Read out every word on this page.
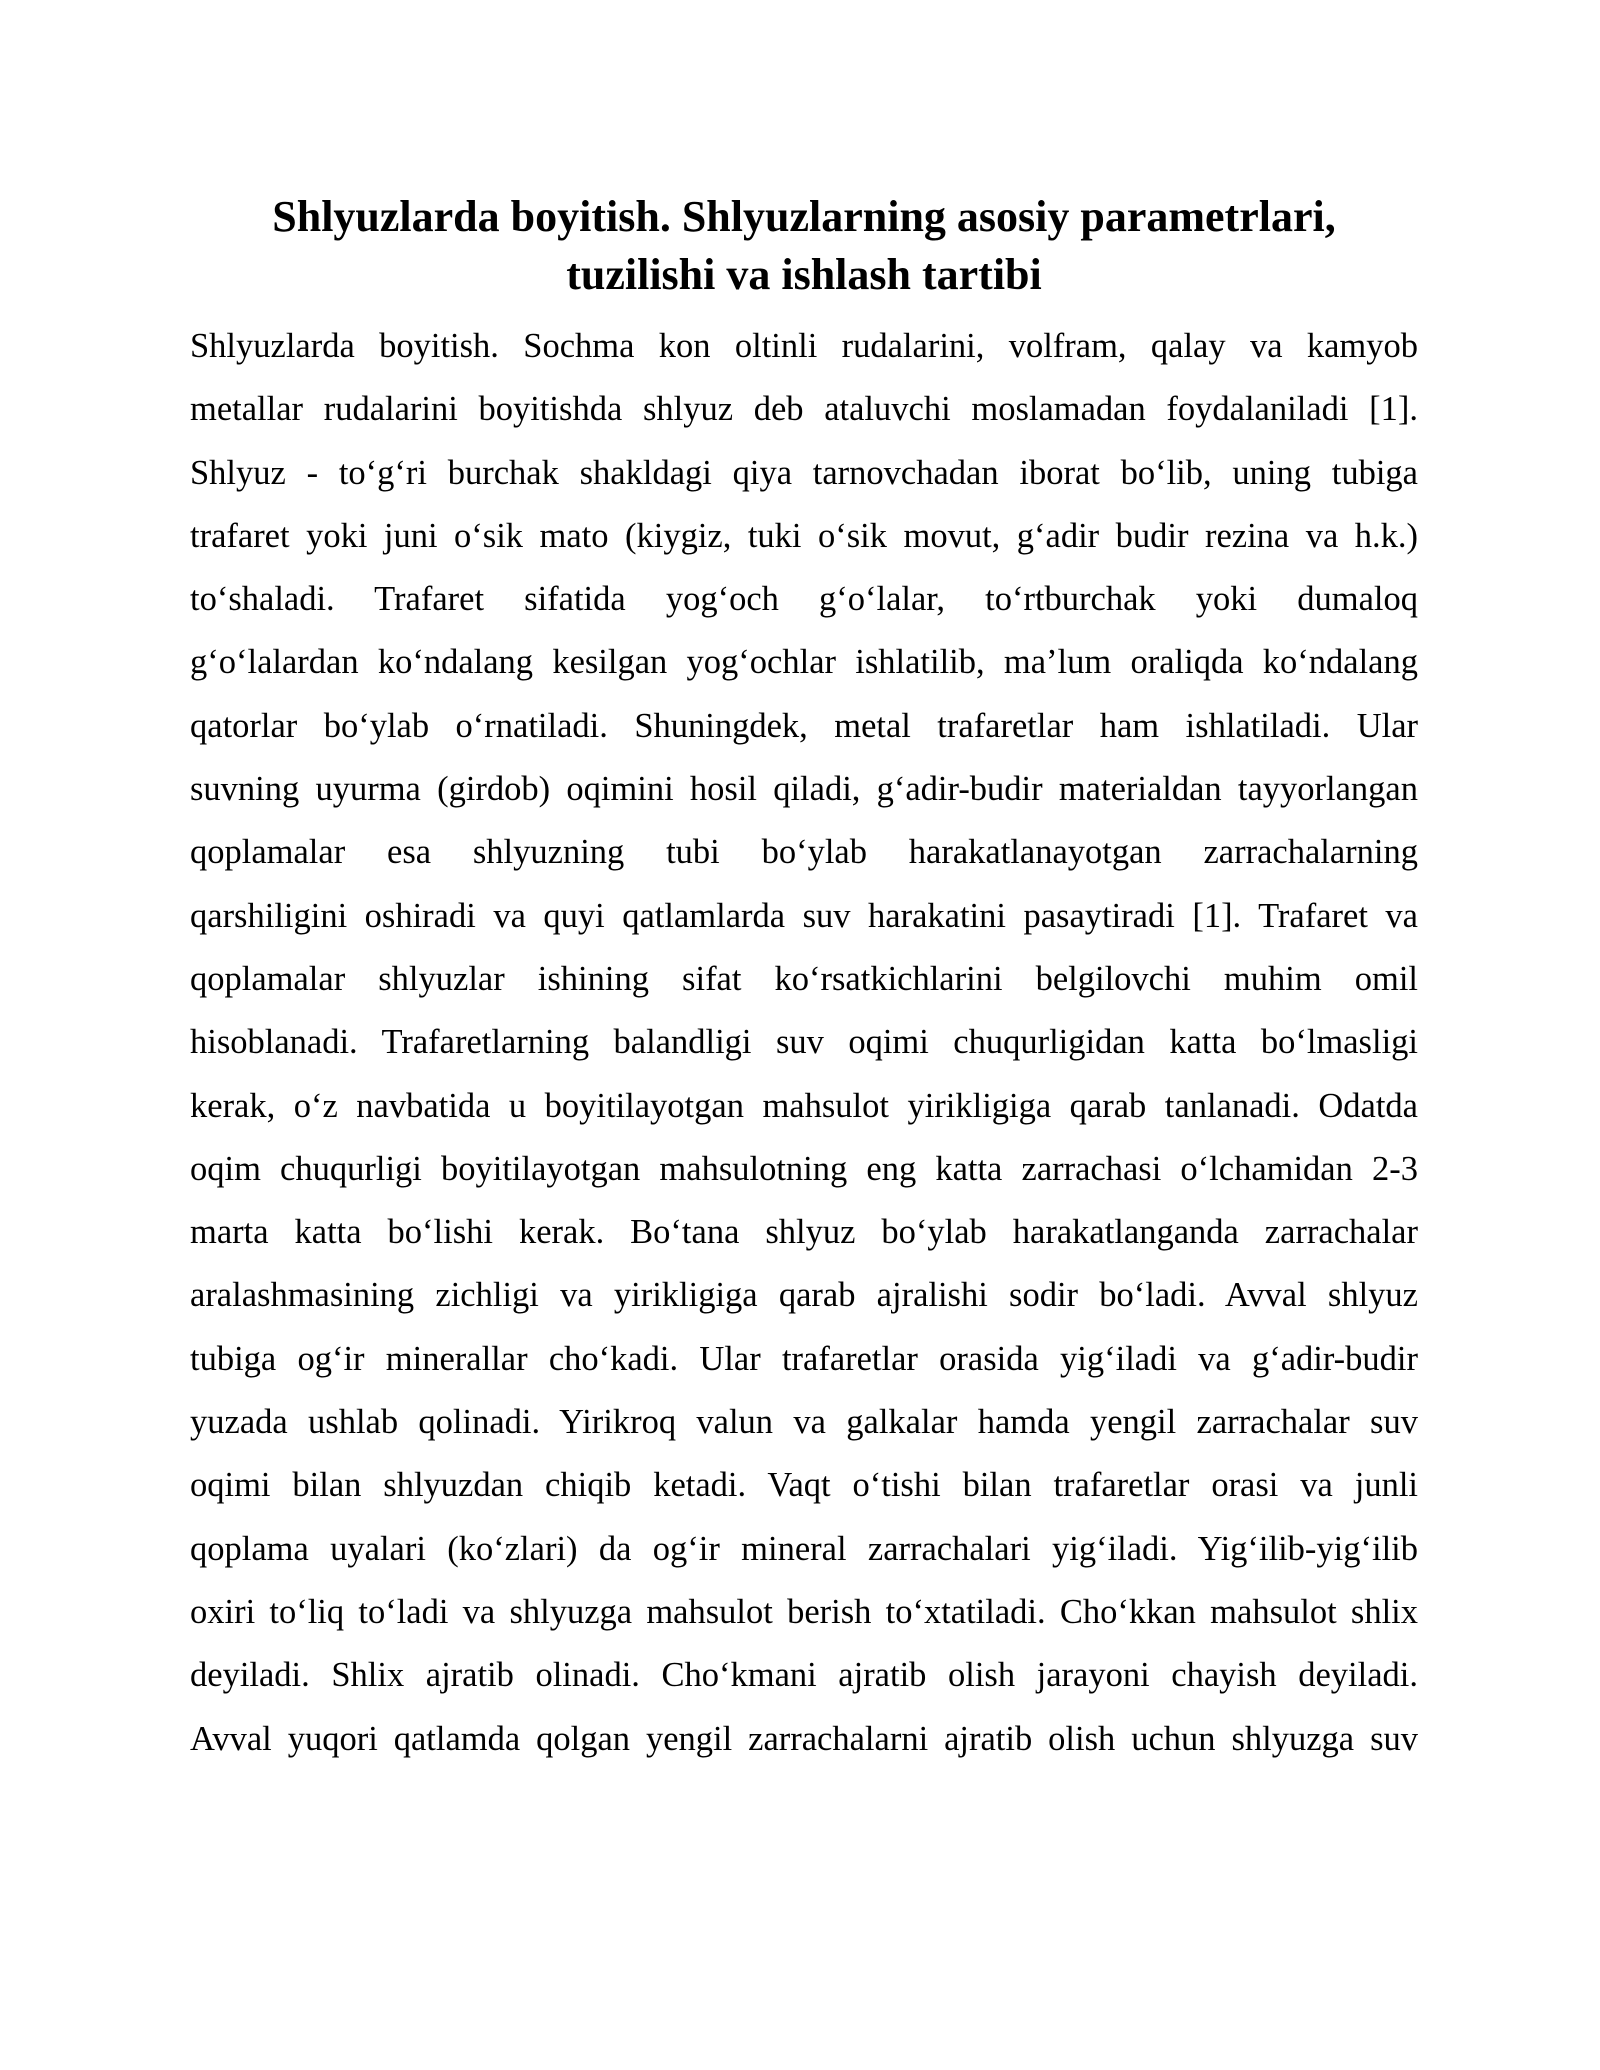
Shlyuzlarda boyitish. Shlyuzlarning asosiy parametrlari,
tuzilishi va ishlash tartibi
Shlyuzlarda boyitish. Sochma kon oltinli rudalarini, volfram, qalay va kamyob
metallar rudalarini boyitishda shlyuz deb ataluvchi moslamadan foydalaniladi [1].
Shlyuz - to‘g‘ri burchak shakldagi qiya tarnovchadan iborat bo‘lib, uning tubiga
trafaret yoki juni o‘sik mato (kiygiz, tuki o‘sik movut, g‘adir budir rezina va h.k.)
to‘shaladi. Trafaret sifatida yog‘och g‘o‘lalar, to‘rtburchak yoki dumaloq
g‘o‘lalardan ko‘ndalang kesilgan yog‘ochlar ishlatilib, ma’lum oraliqda ko‘ndalang
qatorlar bo‘ylab o‘rnatiladi. Shuningdek, metal trafaretlar ham ishlatiladi. Ular
suvning uyurma (girdob) oqimini hosil qiladi, g‘adir-budir materialdan tayyorlangan
qoplamalar esa shlyuzning tubi bo‘ylab harakatlanayotgan zarrachalarning
qarshiligini oshiradi va quyi qatlamlarda suv harakatini pasaytiradi [1]. Trafaret va
qoplamalar shlyuzlar ishining sifat ko‘rsatkichlarini belgilovchi muhim omil
hisoblanadi. Trafaretlarning balandligi suv oqimi chuqurligidan katta bo‘lmasligi
kerak, o‘z navbatida u boyitilayotgan mahsulot yirikligiga qarab tanlanadi. Odatda
oqim chuqurligi boyitilayotgan mahsulotning eng katta zarrachasi o‘lchamidan 2-3
marta katta bo‘lishi kerak. Bo‘tana shlyuz bo‘ylab harakatlanganda zarrachalar
aralashmasining zichligi va yirikligiga qarab ajralishi sodir bo‘ladi. Avval shlyuz
tubiga og‘ir minerallar cho‘kadi. Ular trafaretlar orasida yig‘iladi va g‘adir-budir
yuzada ushlab qolinadi. Yirikroq valun va galkalar hamda yengil zarrachalar suv
oqimi bilan shlyuzdan chiqib ketadi. Vaqt o‘tishi bilan trafaretlar orasi va junli
qoplama uyalari (ko‘zlari) da og‘ir mineral zarrachalari yig‘iladi. Yig‘ilib-yig‘ilib
oxiri to‘liq to‘ladi va shlyuzga mahsulot berish to‘xtatiladi. Cho‘kkan mahsulot shlix
deyiladi. Shlix ajratib olinadi. Cho‘kmani ajratib olish jarayoni chayish deyiladi.
Avval yuqori qatlamda qolgan yengil zarrachalarni ajratib olish uchun shlyuzga suv
